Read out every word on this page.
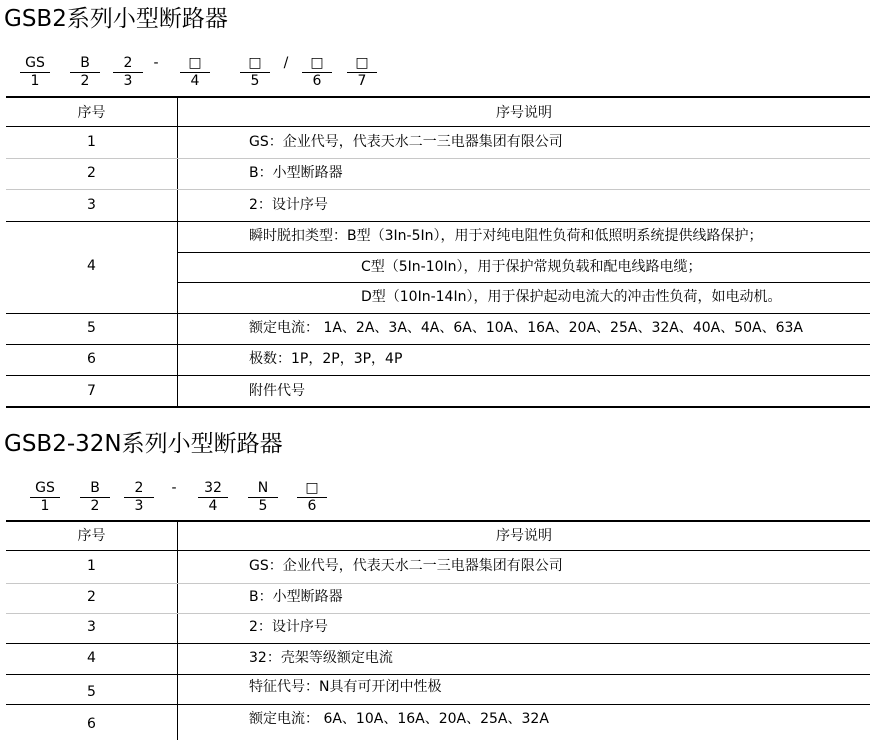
GSB2系列小型断路器
GS
1
B
2
2
3
-	□
4
□
5
/	□
6
□
7
序号	序号说明
1	GS：企业代号，代表天水二一三电器集团有限公司
2	B：小型断路器
3	2：设计序号
4
瞬时脱扣类型：B型（3In-5In），用于对纯电阻性负荷和低照明系统提供线路保护；
C型（5In-10In），用于保护常规负载和配电线路电缆；
D型（10In-14In），用于保护起动电流大的冲击性负荷，如电动机。
5	额定电流： 1A、2A、3A、4A、6A、10A、16A、20A、25A、32A、40A、50A、63A
6	极数：1P，2P，3P，4P
7	附件代号
GSB2-32N系列小型断路器
GS
1
B
2
2
3
-	32
4
N
5
□
6
序号	序号说明
1	GS：企业代号，代表天水二一三电器集团有限公司
2	B：小型断路器
3	2：设计序号
4	32：壳架等级额定电流
5	特征代号：N具有可开闭中性极
6	额定电流： 6A、10A、16A、20A、25A、32A
